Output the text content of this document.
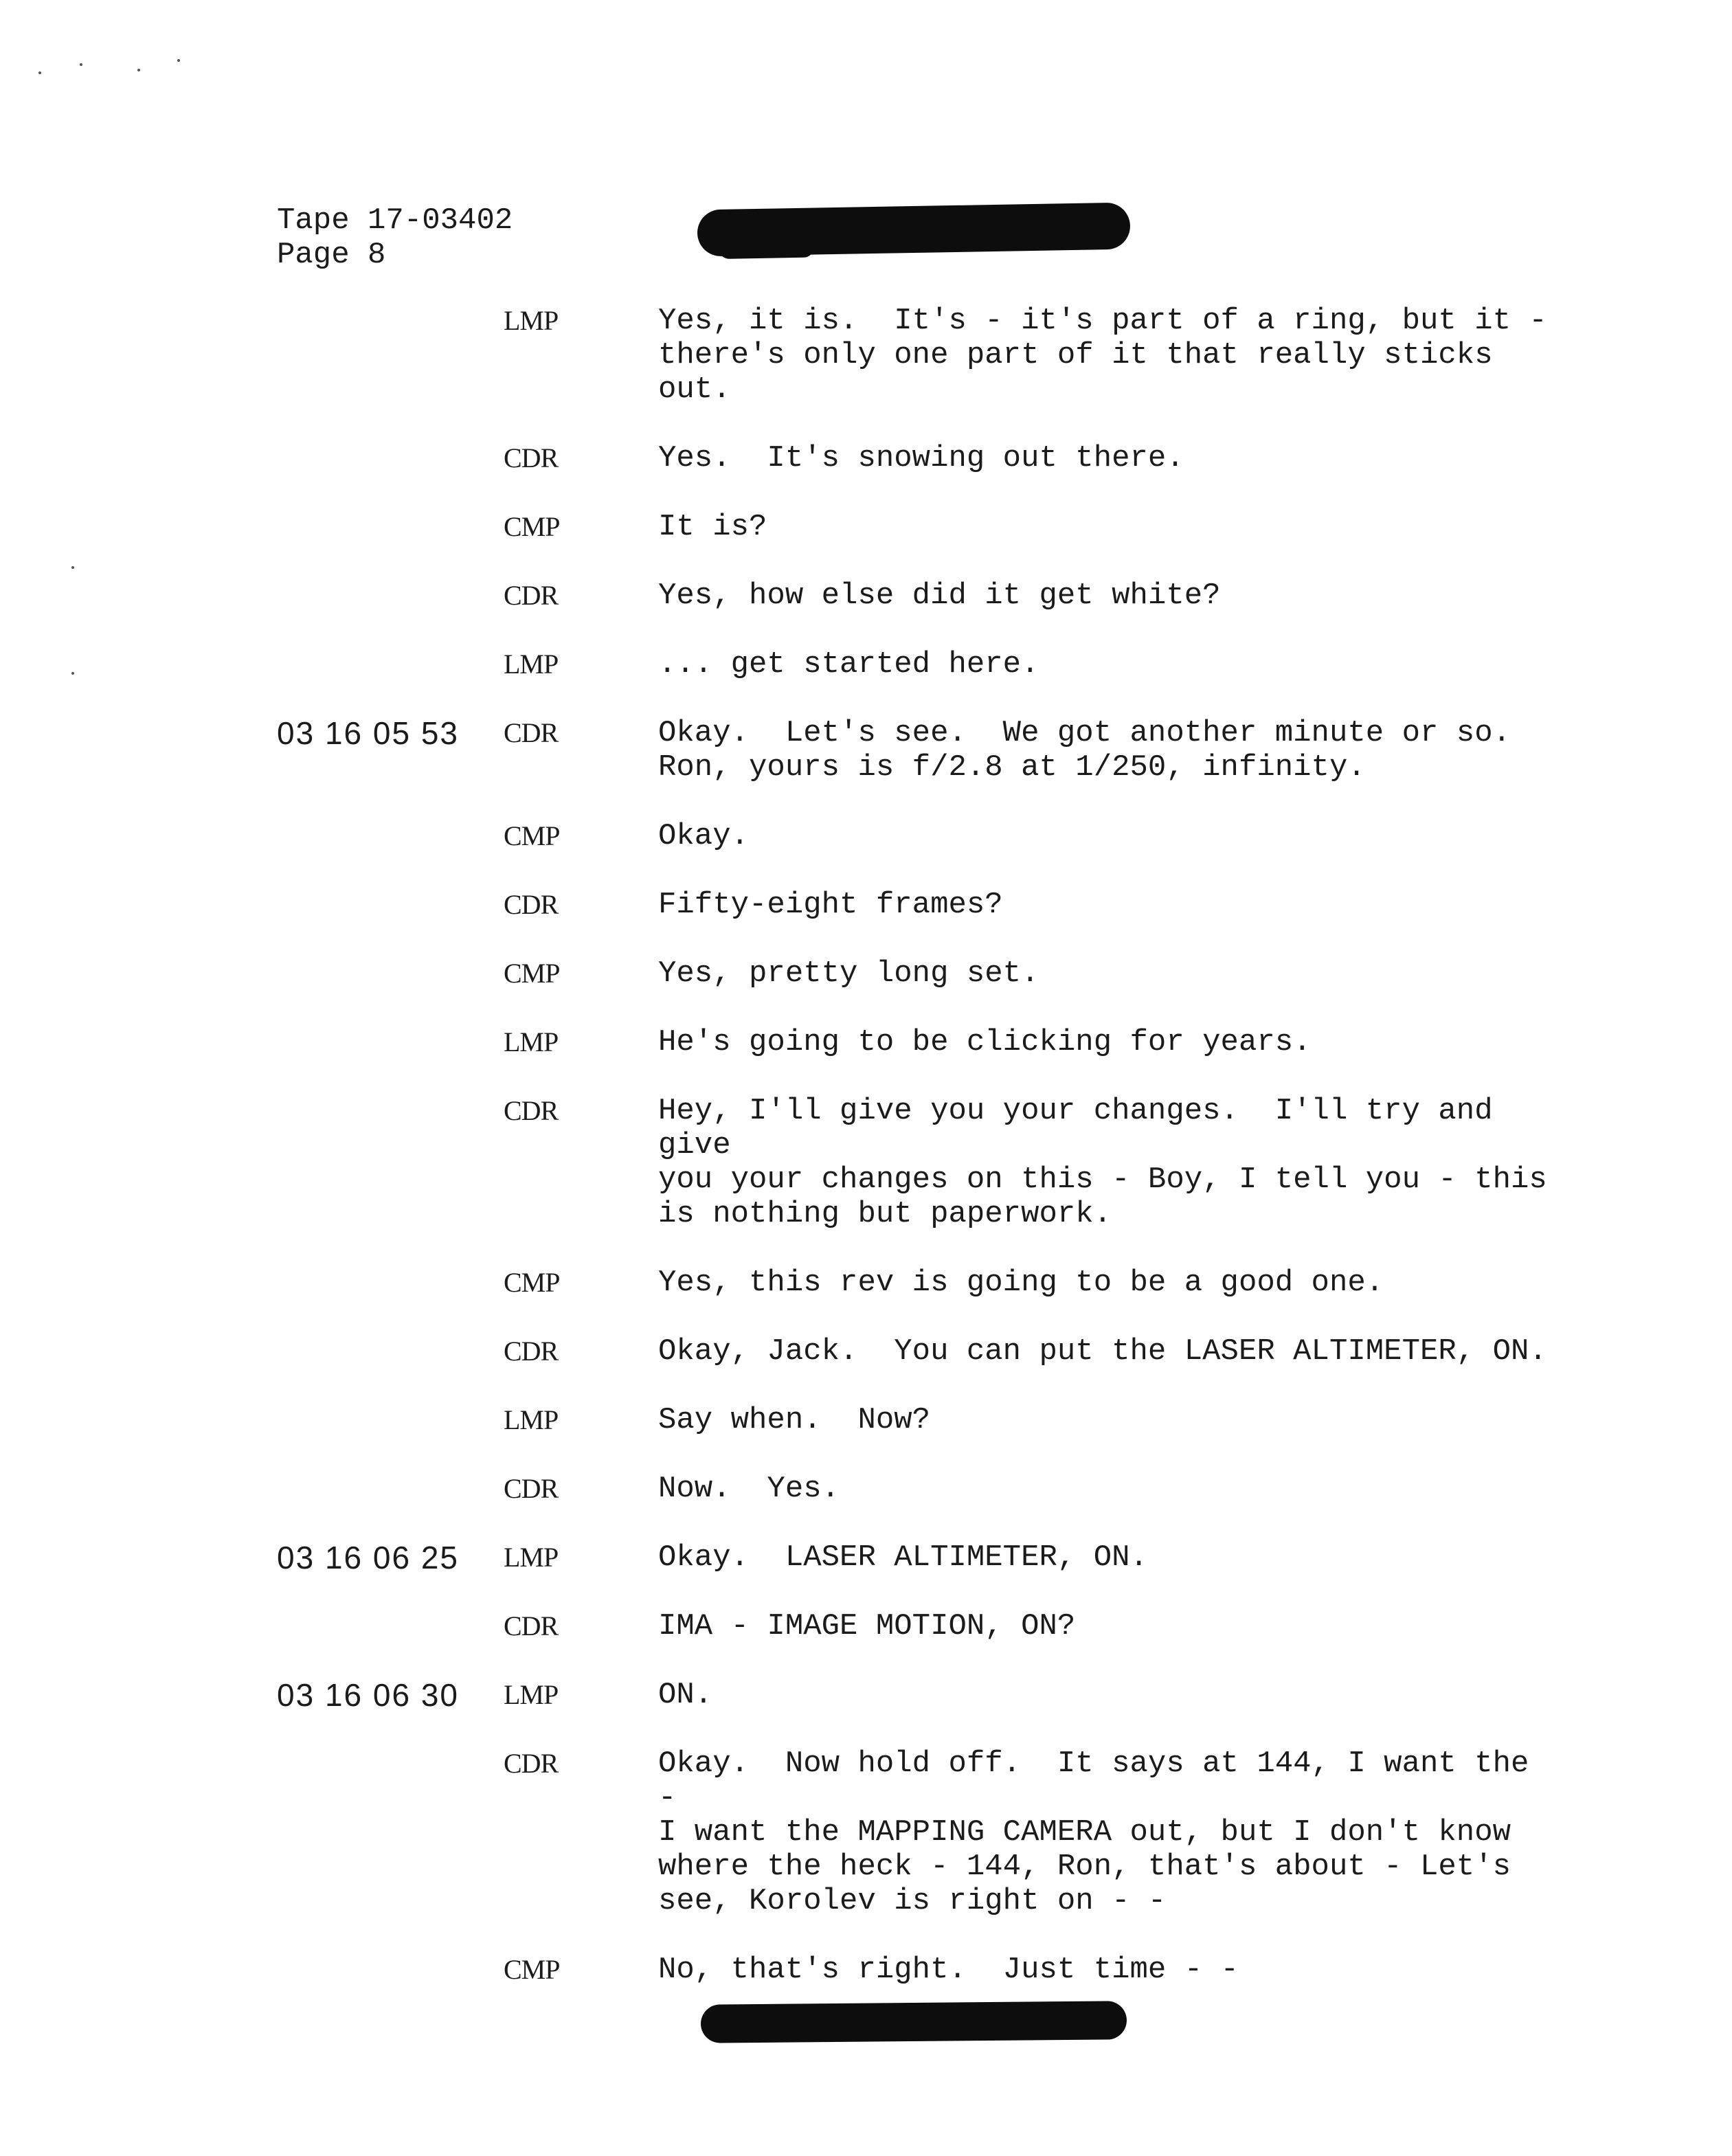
Tape 17-03402
Page 8
LMP	Yes, it is.  It's - it's part of a ring, but it -
there's only one part of it that really sticks out.
CDR	Yes.  It's snowing out there.
CMP	It is?
CDR	Yes, how else did it get white?
LMP	... get started here.
03 16 05 53 CDR	Okay.  Let's see.  We got another minute or so.
Ron, yours is f/2.8 at 1/250, infinity.
CMP	Okay.
CDR	Fifty-eight frames?
CMP	Yes, pretty long set.
LMP	He's going to be clicking for years.
CDR	Hey, I'll give you your changes.  I'll try and give
you your changes on this - Boy, I tell you - this
is nothing but paperwork.
CMP	Yes, this rev is going to be a good one.
CDR	Okay, Jack.  You can put the LASER ALTIMETER, ON.
LMP	Say when.  Now?
CDR	Now.  Yes.
03 16 06 25 LMP	Okay.  LASER ALTIMETER, ON.
CDR	IMA - IMAGE MOTION, ON?
03 16 06 30 LMP	ON.
CDR	Okay.  Now hold off.  It says at 144, I want the -
I want the MAPPING CAMERA out, but I don't know
where the heck - 144, Ron, that's about - Let's
see, Korolev is right on - -
CMP	No, that's right.  Just time - -
